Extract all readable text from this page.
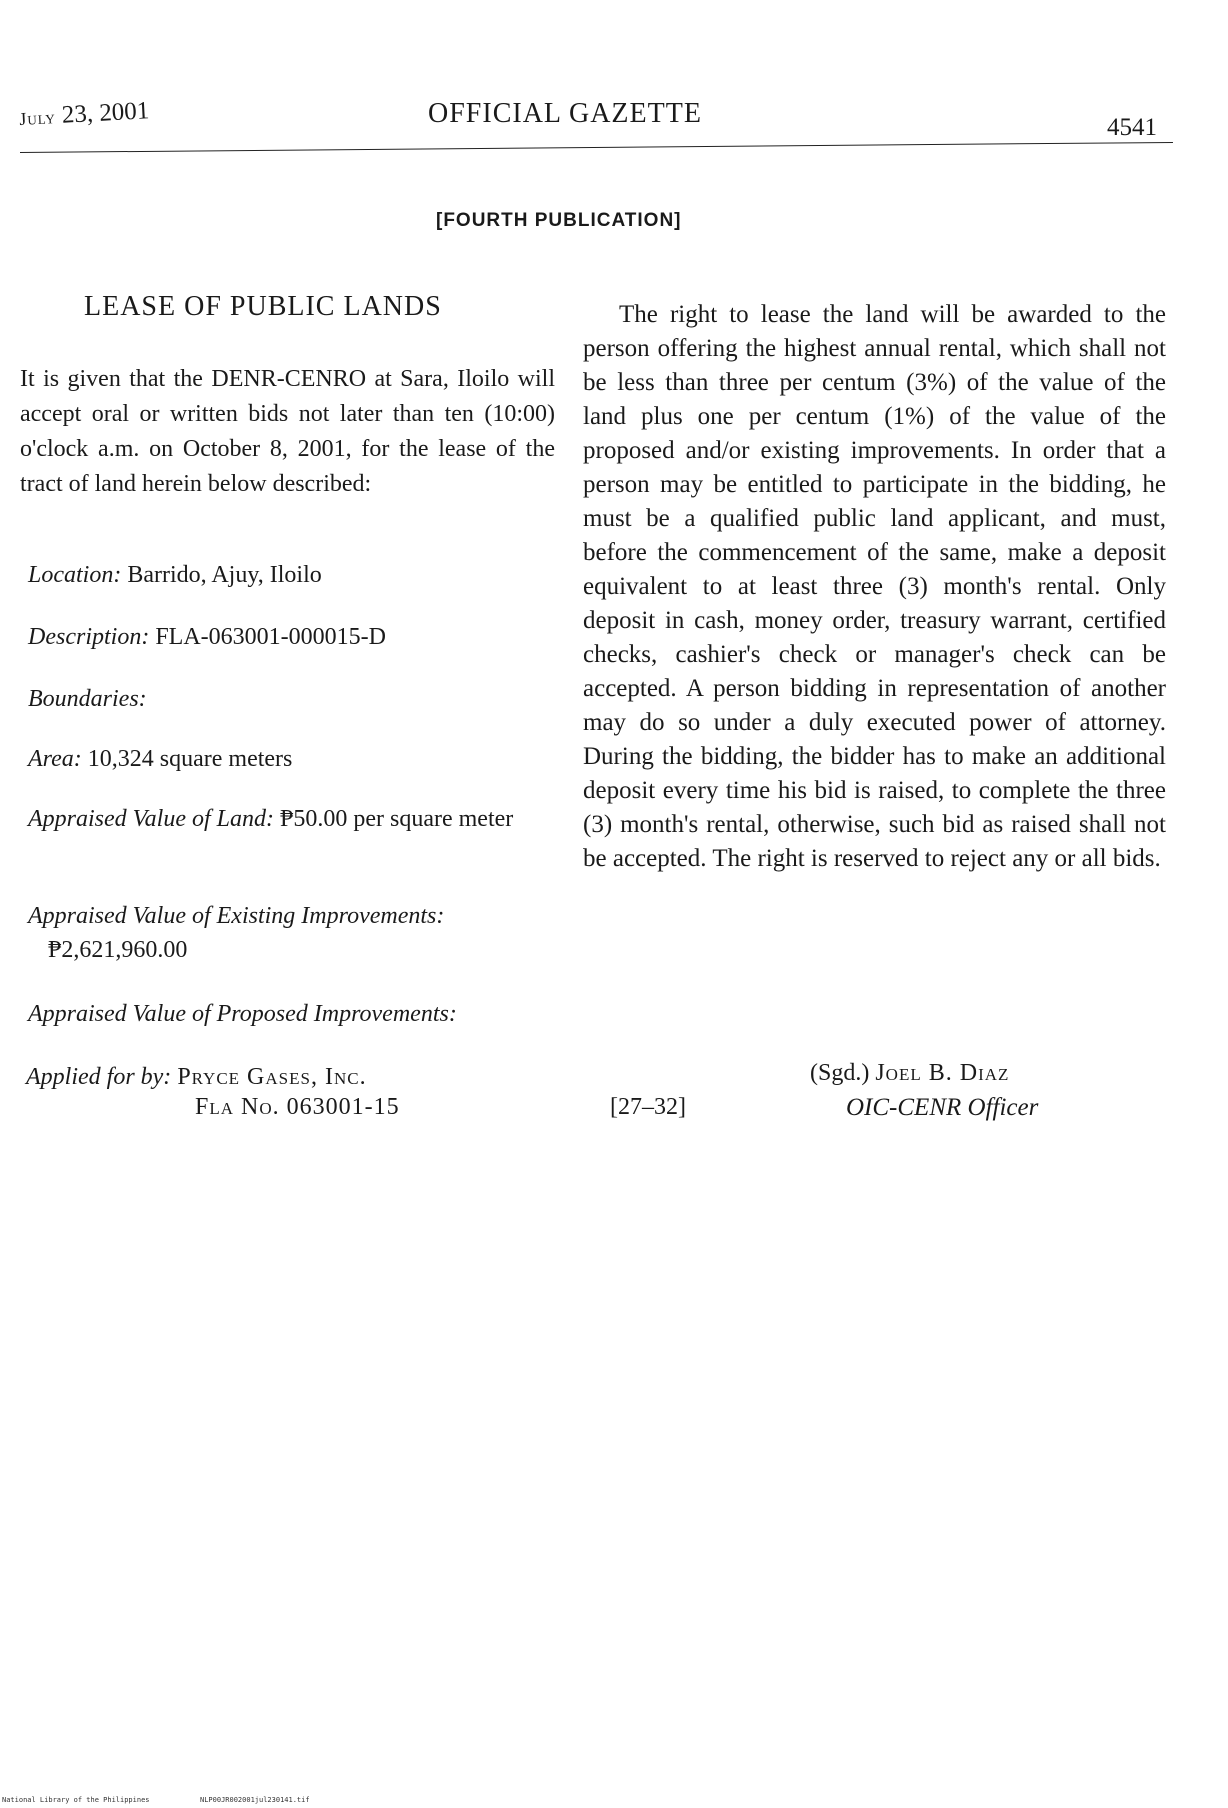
July 23, 2001	OFFICIAL GAZETTE	4541
[FOURTH PUBLICATION]
LEASE OF PUBLIC LANDS
It is given that the DENR-CENRO at Sara, Iloilo will accept oral or written bids not later than ten (10:00) o'clock a.m. on October 8, 2001, for the lease of the tract of land herein below described:
Location: Barrido, Ajuy, Iloilo
Description: FLA-063001-000015-D
Boundaries:
Area: 10,324 square meters
Appraised Value of Land: ₱50.00 per square meter
Appraised Value of Existing Improvements:
₱2,621,960.00
Appraised Value of Proposed Improvements:
Applied for by: Pryce Gases, Inc.
Fla No. 063001-15
The right to lease the land will be awarded to the person offering the highest annual rental, which shall not be less than three per centum (3%) of the value of the land plus one per centum (1%) of the value of the proposed and/or existing improvements. In order that a person may be entitled to participate in the bidding, he must be a qualified public land applicant, and must, before the commencement of the same, make a deposit equivalent to at least three (3) month's rental. Only deposit in cash, money order, treasury warrant, certified checks, cashier's check or manager's check can be accepted. A person bidding in representation of another may do so under a duly executed power of attorney. During the bidding, the bidder has to make an additional deposit every time his bid is raised, to complete the three (3) month's rental, otherwise, such bid as raised shall not be accepted. The right is reserved to reject any or all bids.
[27–32]
(Sgd.) Joel B. Diaz
OIC-CENR Officer
National Library of the Philippines	NLP00JR002001jul230141.tif
